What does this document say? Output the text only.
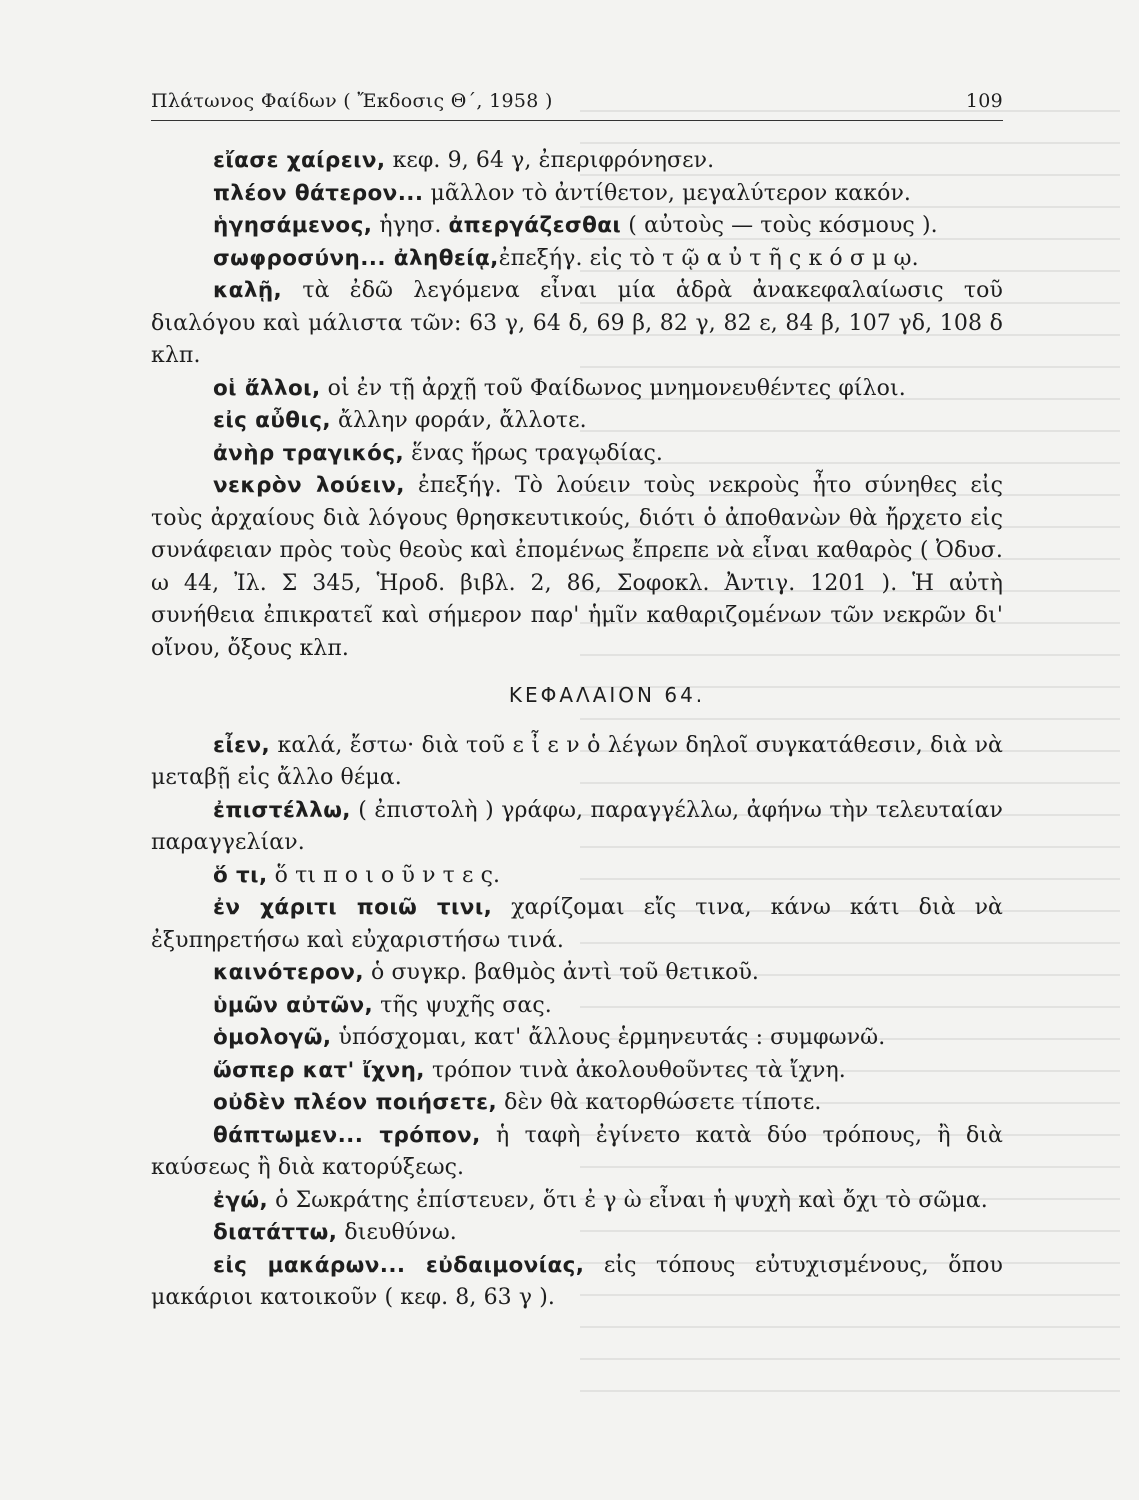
Πλάτωνος Φαίδων ( Ἔκδοσις Θ΄, 1958 )	109

εἴασε χαίρειν, κεφ. 9, 64 γ, ἐπεριφρόνησεν.

πλέον θάτερον... μᾶλλον τὸ ἀντίθετον, μεγαλύτερον κακόν.

ἡγησάμενος, ἡγησ. ἀπεργάζεσθαι ( αὐτοὺς — τοὺς κόσμους ).

σωφροσύνη... ἀληθείᾳ,ἐπεξήγ. εἰς τὸ τ ῷ α ὐ τ ῆ ς κ ό σ μ ῳ.

καλῇ, τὰ ἐδῶ λεγόμενα εἶναι μία ἁδρὰ ἀνακεφαλαίωσις τοῦ διαλόγου καὶ μάλιστα τῶν: 63 γ, 64 δ, 69 β, 82 γ, 82 ε, 84 β, 107 γδ, 108 δ κλπ.

οἱ ἄλλοι, οἱ ἐν τῇ ἀρχῇ τοῦ Φαίδωνος μνημονευθέντες φίλοι.

εἰς αὖθις, ἄλλην φοράν, ἄλλοτε.

ἀνὴρ τραγικός, ἕνας ἥρως τραγῳδίας.

νεκρὸν λούειν, ἐπεξήγ. Τὸ λούειν τοὺς νεκροὺς ἦτο σύνηθες εἰς τοὺς ἀρχαίους διὰ λόγους θρησκευτικούς, διότι ὁ ἀποθανὼν θὰ ἤρχετο εἰς συνάφειαν πρὸς τοὺς θεοὺς καὶ ἐπομένως ἔπρεπε νὰ εἶναι καθαρὸς ( Ὀδυσ. ω 44, Ἰλ. Σ 345, Ἡροδ. βιβλ. 2, 86, Σοφοκλ. Ἀντιγ. 1201 ). Ἡ αὐτὴ συνήθεια ἐπικρατεῖ καὶ σήμερον παρ' ἡμῖν καθαριζομένων τῶν νεκρῶν δι' οἴνου, ὄξους κλπ.

ΚΕΦΑΛΑΙΟΝ 64.

εἶεν, καλά, ἔστω· διὰ τοῦ ε ἶ ε ν ὁ λέγων δηλοῖ συγκατάθεσιν, διὰ νὰ μεταβῇ εἰς ἄλλο θέμα.

ἐπιστέλλω, ( ἐπιστολὴ ) γράφω, παραγγέλλω, ἀφήνω τὴν τελευταίαν παραγγελίαν.

ὅ τι, ὅ τι π ο ι ο ῦ ν τ ε ς.

ἐν χάριτι ποιῶ τινι, χαρίζομαι εἴς τινα, κάνω κάτι διὰ νὰ ἐξυπηρετήσω καὶ εὐχαριστήσω τινά.

καινότερον, ὁ συγκρ. βαθμὸς ἀντὶ τοῦ θετικοῦ.

ὑμῶν αὐτῶν, τῆς ψυχῆς σας.

ὁμολογῶ, ὑπόσχομαι, κατ' ἄλλους ἑρμηνευτάς : συμφωνῶ.

ὥσπερ κατ' ἴχνη, τρόπον τινὰ ἀκολουθοῦντες τὰ ἴχνη.

οὐδὲν πλέον ποιήσετε, δὲν θὰ κατορθώσετε τίποτε.

θάπτωμεν... τρόπον, ἡ ταφὴ ἐγίνετο κατὰ δύο τρόπους, ἢ διὰ καύσεως ἢ διὰ κατορύξεως.

ἐγώ, ὁ Σωκράτης ἐπίστευεν, ὅτι ἐ γ ὼ εἶναι ἡ ψυχὴ καὶ ὄχι τὸ σῶμα.

διατάττω, διευθύνω.

εἰς μακάρων... εὐδαιμονίας, εἰς τόπους εὐτυχισμένους, ὅπου μακάριοι κατοικοῦν ( κεφ. 8, 63 γ ).
